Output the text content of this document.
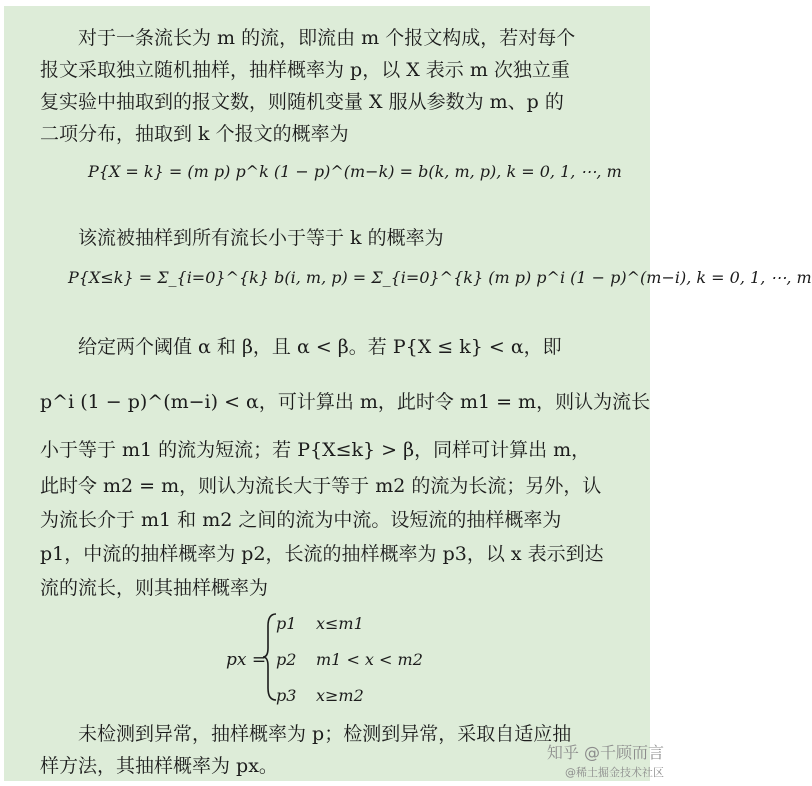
对于一条流长为 m 的流，即流由 m 个报文构成，若对每个
报文采取独立随机抽样，抽样概率为 p，以 X 表示 m 次独立重
复实验中抽取到的报文数，则随机变量 X 服从参数为 m、p 的
二项分布，抽取到 k 个报文的概率为
P{X = k} = (m p) p^k (1 − p)^(m−k) = b(k, m, p), k = 0, 1, ⋯, m
该流被抽样到所有流长小于等于 k 的概率为
P{X≤k} = Σ_{i=0}^{k} b(i, m, p) = Σ_{i=0}^{k} (m p) p^i (1 − p)^(m−i), k = 0, 1, ⋯, m
给定两个阈值 α 和 β，且 α < β。若 P{X ≤ k} < α，即
p^i (1 − p)^(m−i) < α，可计算出 m，此时令 m1 = m，则认为流长
小于等于 m1 的流为短流；若 P{X≤k} > β，同样可计算出 m，
此时令 m2 = m，则认为流长大于等于 m2 的流为长流；另外，认
为流长介于 m1 和 m2 之间的流为中流。设短流的抽样概率为
p1，中流的抽样概率为 p2，长流的抽样概率为 p3，以 x 表示到达
流的流长，则其抽样概率为
px =
p1 x≤m1
p2 m1 < x < m2
p3 x≥m2
未检测到异常，抽样概率为 p；检测到异常，采取自适应抽
样方法，其抽样概率为 px。
知乎 @千顾而言
@稀土掘金技术社区
